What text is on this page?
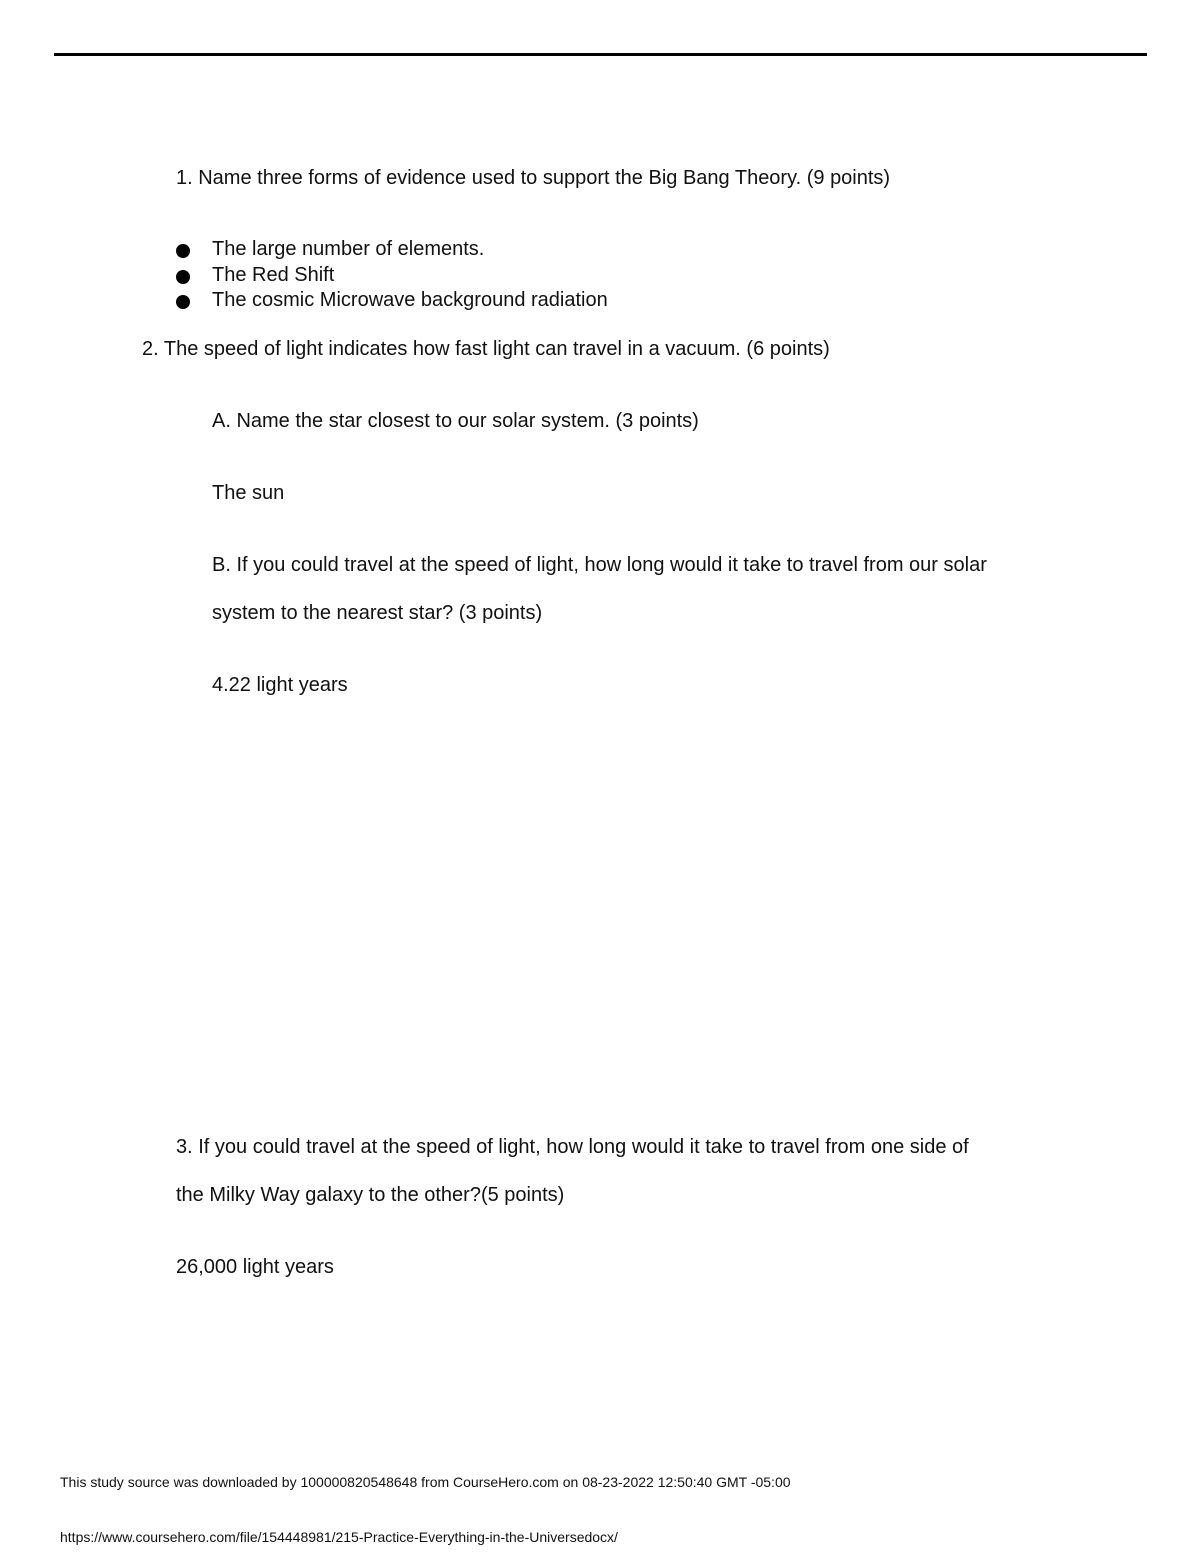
1. Name three forms of evidence used to support the Big Bang Theory. (9 points)
The large number of elements.
The Red Shift
The cosmic Microwave background radiation
2. The speed of light indicates how fast light can travel in a vacuum. (6 points)
A. Name the star closest to our solar system. (3 points)
The sun
B. If you could travel at the speed of light, how long would it take to travel from our solar
system to the nearest star? (3 points)
4.22 light years
3. If you could travel at the speed of light, how long would it take to travel from one side of
the Milky Way galaxy to the other?(5 points)
26,000 light years
This study source was downloaded by 100000820548648 from CourseHero.com on 08-23-2022 12:50:40 GMT -05:00
https://www.coursehero.com/file/154448981/215-Practice-Everything-in-the-Universedocx/
